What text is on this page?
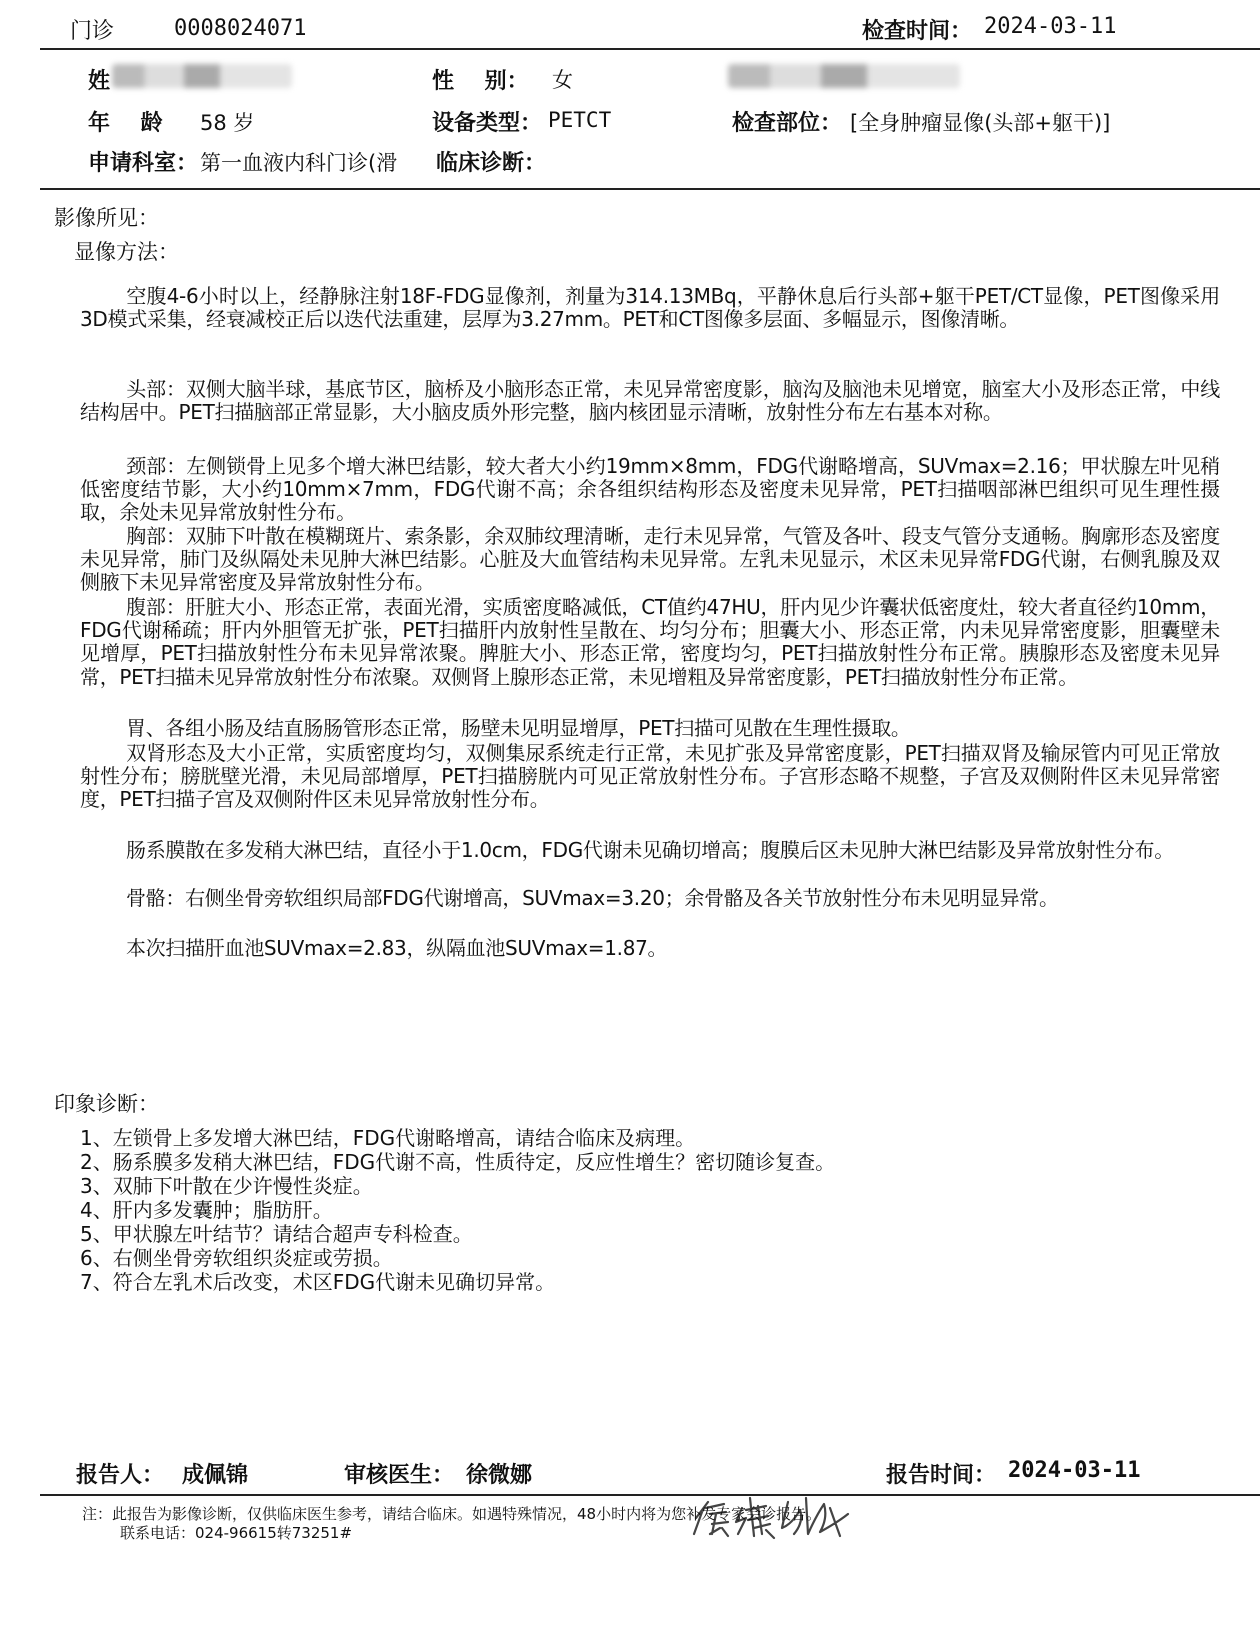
门诊	0008024071	检查时间： 2024-03-11
姓	性    别： 女
年    龄 58 岁	设备类型： PETCT	检查部位： [全身肿瘤显像(头部+躯干)]
申请科室： 第一血液内科门诊(滑	临床诊断：
影像所见：
显像方法：
空腹4-6小时以上，经静脉注射18F-FDG显像剂，剂量为314.13MBq，平静休息后行头部+躯干PET/CT显像，PET图像采用3D模式采集，经衰减校正后以迭代法重建，层厚为3.27mm。PET和CT图像多层面、多幅显示，图像清晰。
头部：双侧大脑半球，基底节区，脑桥及小脑形态正常，未见异常密度影，脑沟及脑池未见增宽，脑室大小及形态正常，中线结构居中。PET扫描脑部正常显影，大小脑皮质外形完整，脑内核团显示清晰，放射性分布左右基本对称。
颈部：左侧锁骨上见多个增大淋巴结影，较大者大小约19mm×8mm，FDG代谢略增高，SUVmax=2.16；甲状腺左叶见稍低密度结节影，大小约10mm×7mm，FDG代谢不高；余各组织结构形态及密度未见异常，PET扫描咽部淋巴组织可见生理性摄取，余处未见异常放射性分布。
胸部：双肺下叶散在模糊斑片、索条影，余双肺纹理清晰，走行未见异常，气管及各叶、段支气管分支通畅。胸廓形态及密度未见异常，肺门及纵隔处未见肿大淋巴结影。心脏及大血管结构未见异常。左乳未见显示，术区未见异常FDG代谢，右侧乳腺及双侧腋下未见异常密度及异常放射性分布。
腹部：肝脏大小、形态正常，表面光滑，实质密度略减低，CT值约47HU，肝内见少许囊状低密度灶，较大者直径约10mm，FDG代谢稀疏；肝内外胆管无扩张，PET扫描肝内放射性呈散在、均匀分布；胆囊大小、形态正常，内未见异常密度影，胆囊壁未见增厚，PET扫描放射性分布未见异常浓聚。脾脏大小、形态正常，密度均匀，PET扫描放射性分布正常。胰腺形态及密度未见异常，PET扫描未见异常放射性分布浓聚。双侧肾上腺形态正常，未见增粗及异常密度影，PET扫描放射性分布正常。
胃、各组小肠及结直肠肠管形态正常，肠壁未见明显增厚，PET扫描可见散在生理性摄取。
双肾形态及大小正常，实质密度均匀，双侧集尿系统走行正常，未见扩张及异常密度影，PET扫描双肾及输尿管内可见正常放射性分布；膀胱壁光滑，未见局部增厚，PET扫描膀胱内可见正常放射性分布。子宫形态略不规整，子宫及双侧附件区未见异常密度，PET扫描子宫及双侧附件区未见异常放射性分布。
肠系膜散在多发稍大淋巴结，直径小于1.0cm，FDG代谢未见确切增高；腹膜后区未见肿大淋巴结影及异常放射性分布。
骨骼：右侧坐骨旁软组织局部FDG代谢增高，SUVmax=3.20；余骨骼及各关节放射性分布未见明显异常。
本次扫描肝血池SUVmax=2.83，纵隔血池SUVmax=1.87。
印象诊断：
1、左锁骨上多发增大淋巴结，FDG代谢略增高，请结合临床及病理。
2、肠系膜多发稍大淋巴结，FDG代谢不高，性质待定，反应性增生？密切随诊复查。
3、双肺下叶散在少许慢性炎症。
4、肝内多发囊肿；脂肪肝。
5、甲状腺左叶结节？请结合超声专科检查。
6、右侧坐骨旁软组织炎症或劳损。
7、符合左乳术后改变，术区FDG代谢未见确切异常。
报告人： 成佩锦	审核医生： 徐微娜	报告时间： 2024-03-11
注：此报告为影像诊断，仅供临床医生参考，请结合临床。如遇特殊情况，48小时内将为您补发专家会诊报告。
联系电话：024-96615转73251#
